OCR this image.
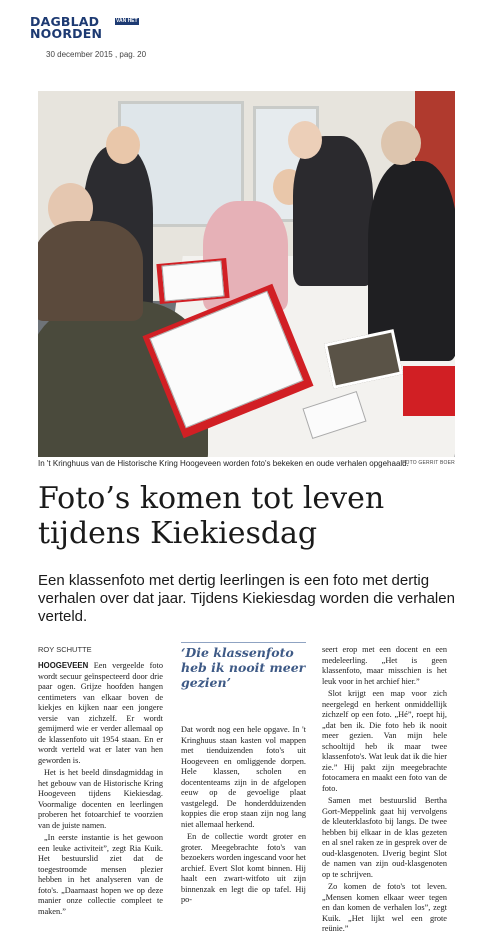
DAGBLAD
NOORDEN
VAN HET
30 december 2015 , pag. 20
In 't Kringhuus van de Historische Kring Hoogeveen worden foto's bekeken en oude verhalen opgehaald.
FOTO GERRIT BOER
Foto’s komen tot leven tijdens Kiekiesdag

Een klassenfoto met dertig leerlingen is een foto met dertig verhalen over dat jaar. Tijdens Kiekiesdag worden die verhalen verteld.

ROY SCHUTTE

HOOGEVEEN Een vergeelde foto wordt secuur geïnspecteerd door drie paar ogen. Grijze hoofden hangen centimeters van elkaar boven de kiekjes en kijken naar een jongere versie van zichzelf. Er wordt gemijmerd wie er verder allemaal op de klassenfoto uit 1954 staan. En er wordt verteld wat er later van hen geworden is.

Het is het beeld dinsdagmiddag in het gebouw van de Historische Kring Hoogeveen tijdens Kiekiesdag. Voormalige docenten en leerlingen proberen het fotoarchief te voorzien van de juiste namen.

„In eerste instantie is het gewoon een leuke activiteit”, zegt Ria Kuik. Het bestuurslid ziet dat de toegestroomde mensen plezier hebben in het analyseren van de foto's. „Daarnaast hopen we op deze manier onze collectie compleet te maken.”

‘Die klassenfoto heb ik nooit meer gezien’

Dat wordt nog een hele opgave. In 't Kringhuus staan kasten vol mappen met tienduizenden foto's uit Hoogeveen en omliggende dorpen. Hele klassen, scholen en docententeams zijn in de afgelopen eeuw op de gevoelige plaat vastgelegd. De honderdduizenden koppies die erop staan zijn nog lang niet allemaal herkend.

En de collectie wordt groter en groter. Meegebrachte foto's van bezoekers worden ingescand voor het archief. Evert Slot komt binnen. Hij haalt een zwart-witfoto uit zijn binnenzak en legt die op tafel. Hij po-

seert erop met een docent en een medeleerling. „Het is geen klassenfoto, maar misschien is het leuk voor in het archief hier.”

Slot krijgt een map voor zich neergelegd en herkent onmiddellijk zichzelf op een foto. „Hé”, roept hij, „dat ben ik. Die foto heb ik nooit meer gezien. Van mijn hele schooltijd heb ik maar twee klassenfoto's. Wat leuk dat ik die hier zie.” Hij pakt zijn meegebrachte fotocamera en maakt een foto van de foto.

Samen met bestuurslid Bertha Gort-Meppelink gaat hij vervolgens de kleuterklasfoto bij langs. De twee hebben bij elkaar in de klas gezeten en al snel raken ze in gesprek over de oud-klasgenoten. IJverig begint Slot de namen van zijn oud-klasgenoten op te schrijven.

Zo komen de foto's tot leven. „Mensen komen elkaar weer tegen en dan komen de verhalen los”, zegt Kuik. „Het lijkt wel een grote reünie.”
